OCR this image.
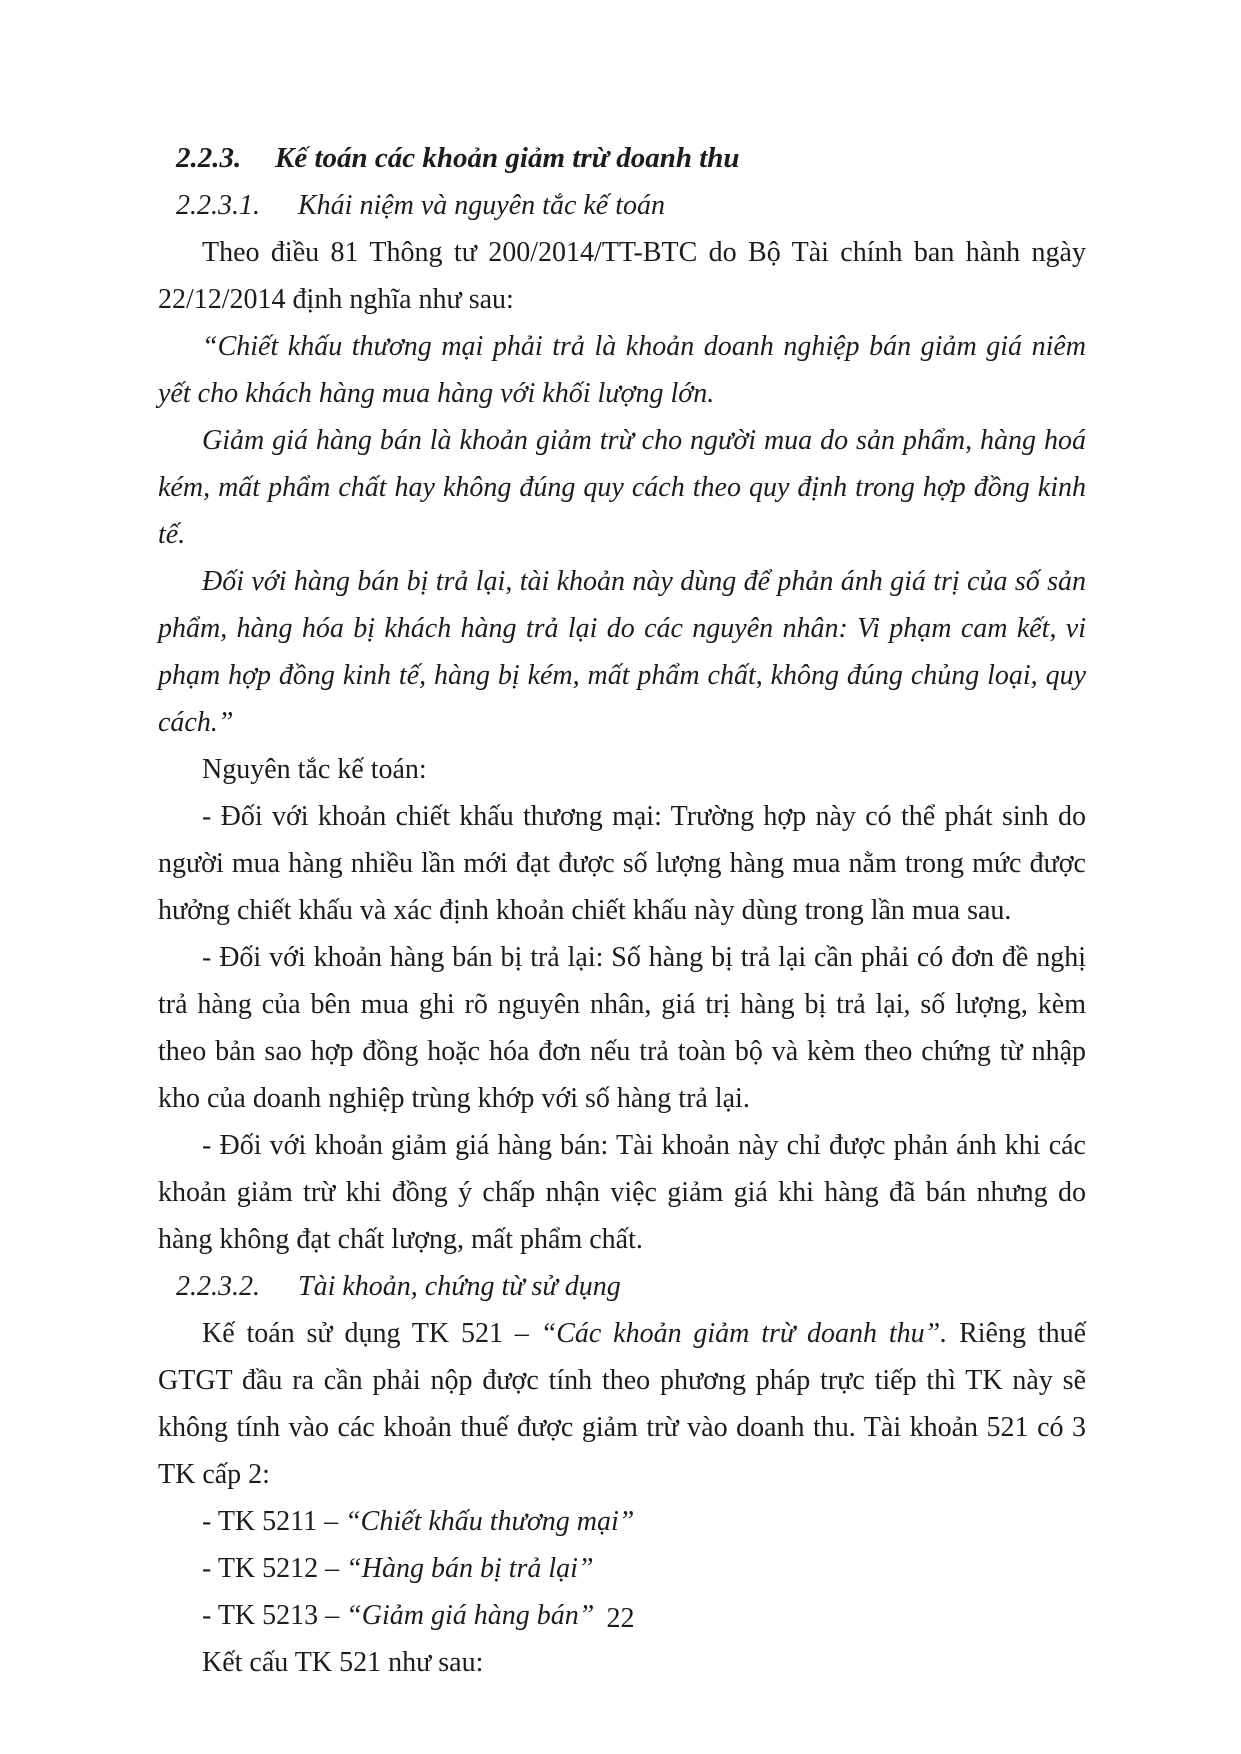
2.2.3. Kế toán các khoản giảm trừ doanh thu
2.2.3.1. Khái niệm và nguyên tắc kế toán

Theo điều 81 Thông tư 200/2014/TT-BTC do Bộ Tài chính ban hành ngày 22/12/2014 định nghĩa như sau:

“Chiết khấu thương mại phải trả là khoản doanh nghiệp bán giảm giá niêm yết cho khách hàng mua hàng với khối lượng lớn.

Giảm giá hàng bán là khoản giảm trừ cho người mua do sản phẩm, hàng hoá kém, mất phẩm chất hay không đúng quy cách theo quy định trong hợp đồng kinh tế.

Đối với hàng bán bị trả lại, tài khoản này dùng để phản ánh giá trị của số sản phẩm, hàng hóa bị khách hàng trả lại do các nguyên nhân: Vi phạm cam kết, vi phạm hợp đồng kinh tế, hàng bị kém, mất phẩm chất, không đúng chủng loại, quy cách.”

Nguyên tắc kế toán:

- Đối với khoản chiết khấu thương mại: Trường hợp này có thể phát sinh do người mua hàng nhiều lần mới đạt được số lượng hàng mua nằm trong mức được hưởng chiết khấu và xác định khoản chiết khấu này dùng trong lần mua sau.

- Đối với khoản hàng bán bị trả lại: Số hàng bị trả lại cần phải có đơn đề nghị trả hàng của bên mua ghi rõ nguyên nhân, giá trị hàng bị trả lại, số lượng, kèm theo bản sao hợp đồng hoặc hóa đơn nếu trả toàn bộ và kèm theo chứng từ nhập kho của doanh nghiệp trùng khớp với số hàng trả lại.

- Đối với khoản giảm giá hàng bán: Tài khoản này chỉ được phản ánh khi các khoản giảm trừ khi đồng ý chấp nhận việc giảm giá khi hàng đã bán nhưng do hàng không đạt chất lượng, mất phẩm chất.

2.2.3.2. Tài khoản, chứng từ sử dụng

Kế toán sử dụng TK 521 – “Các khoản giảm trừ doanh thu”. Riêng thuế GTGT đầu ra cần phải nộp được tính theo phương pháp trực tiếp thì TK này sẽ không tính vào các khoản thuế được giảm trừ vào doanh thu. Tài khoản 521 có 3 TK cấp 2:

- TK 5211 – “Chiết khấu thương mại”

- TK 5212 – “Hàng bán bị trả lại”

- TK 5213 – “Giảm giá hàng bán”

Kết cấu TK 521 như sau:

22
